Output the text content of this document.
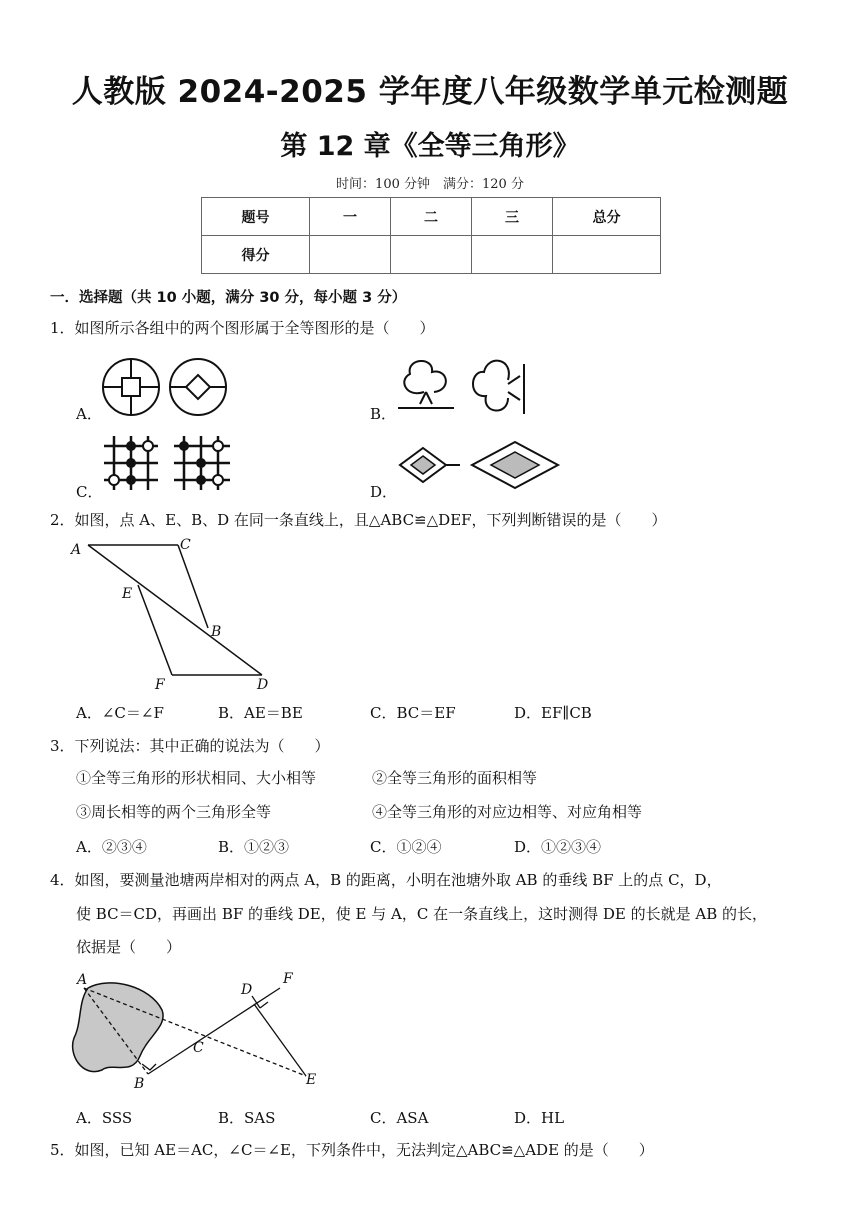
人教版 2024-2025 学年度八年级数学单元检测题
第 12 章《全等三角形》
时间：100 分钟　满分：120 分
题号	一	二	三	总分
得分				
一．选择题（共 10 小题，满分 30 分，每小题 3 分）
1．如图所示各组中的两个图形属于全等图形的是（　　）
A．	B．
C．	D．
2．如图，点 A、E、B、D 在同一条直线上，且△ABC≌△DEF，下列判断错误的是（　　）
A	C
E
B
F	D
A．∠C＝∠F	B．AE＝BE	C．BC＝EF	D．EF∥CB
3．下列说法：其中正确的说法为（　　）
①全等三角形的形状相同、大小相等	②全等三角形的面积相等
③周长相等的两个三角形全等	④全等三角形的对应边相等、对应角相等
A．②③④	B．①②③	C．①②④	D．①②③④
4．如图，要测量池塘两岸相对的两点 A，B 的距离，小明在池塘外取 AB 的垂线 BF 上的点 C，D，
使 BC＝CD，再画出 BF 的垂线 DE，使 E 与 A，C 在一条直线上，这时测得 DE 的长就是 AB 的长，
依据是（　　）
A
D
F
C
B	E
A．SSS	B．SAS	C．ASA	D．HL
5．如图，已知 AE＝AC，∠C＝∠E，下列条件中，无法判定△ABC≌△ADE 的是（　　）
